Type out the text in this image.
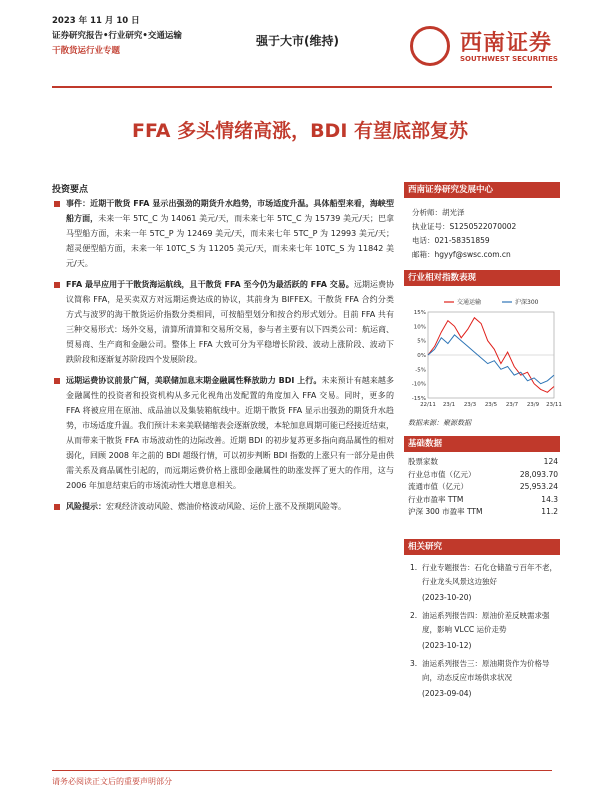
2023 年 11 月 10 日
证券研究报告•行业研究•交通运输
干散货运行业专题
强于大市(维持)	西南证券
SOUTHWEST SECURITIES
FFA 多头情绪高涨，BDI 有望底部复苏
投资要点
事件：近期干散货 FFA 显示出强劲的期货升水趋势，市场适度升温。具体船型来看，海峡型船方面，未来一年 5TC_C 为 14061 美元/天，而未来七年 5TC_C 为 15739 美元/天；巴拿马型船方面，未来一年 5TC_P 为 12469 美元/天，而未来七年 5TC_P 为 12993 美元/天；超灵便型船方面，未来一年 10TC_S 为 11205 美元/天，而未来七年 10TC_S 为 11842 美元/天。
FFA 最早应用于干散货海运航线，且干散货 FFA 至今仍为最活跃的 FFA 交易。远期运费协议简称 FFA，是买卖双方对远期运费达成的协议，其前身为 BIFFEX。干散货 FFA 合约分类方式与波罗的海干散货运价指数分类相同，可按船型划分和按合约形式划分。目前 FFA 共有三种交易形式：场外交易，清算所清算和交易所交易，参与者主要有以下四类公司：航运商、贸易商、生产商和金融公司。整体上 FFA 大致可分为平稳增长阶段、波动上涨阶段、波动下跌阶段和逐渐复苏阶段四个发展阶段。
远期运费协议前景广阔，美联储加息末期金融属性释放助力 BDI 上行。未来预计有越来越多金融属性的投资者和投资机构从多元化视角出发配置的角度加入 FFA 交易。同时，更多的 FFA 将被应用在原油、成品油以及集装箱航线中。近期干散货 FFA 显示出强劲的期货升水趋势，市场适度升温。我们预计未来美联储缩表会逐渐放缓，本轮加息周期可能已经接近结束，从而带来干散货 FFA 市场波动性的边际改善。近期 BDI 的初步复苏更多指向商品属性的相对弱化，回顾 2008 年之前的 BDI 超级行情，可以初步判断 BDI 指数的上涨只有一部分是由供需关系及商品属性引起的，而远期运费价格上涨即金融属性的助涨发挥了更大的作用，这与 2006 年加息结束后的市场流动性大增息息相关。
风险提示：宏观经济波动风险、燃油价格波动风险、运价上涨不及预期风险等。
西南证券研究发展中心
分析师：胡光泽
执业证号：S1250522070002
电话：021-58351859
邮箱：hgyyf@swsc.com.cn
行业相对指数表现
15%
10%
5%
0%
-5%
-10%
-15%
22/11 23/1 23/3 23/5 23/7 23/9 23/11
交通运输	沪深300
数据来源：聚源数据
基础数据
股票家数	124
行业总市值（亿元）	28,093.70
流通市值（亿元）	25,953.24
行业市盈率 TTM	14.3
沪深 300 市盈率 TTM	11.2
相关研究
1. 行业专题报告：石化仓储盈亏百年不老，行业龙头风景这边独好
(2023-10-20)
2. 油运系列报告四：原油价差反映需求强度，影响 VLCC 运价走势
(2023-10-12)
3. 油运系列报告三：原油期货作为价格导向，动态反应市场供求状况
(2023-09-04)
请务必阅读正文后的重要声明部分
